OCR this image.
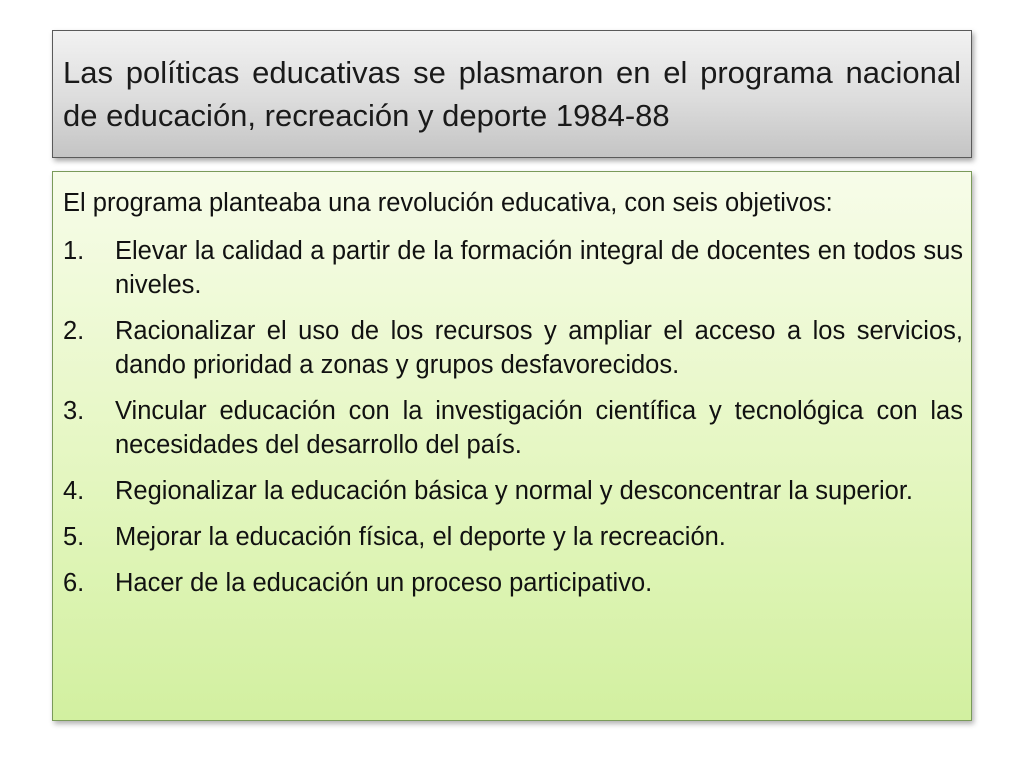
Las políticas educativas se plasmaron en el programa nacional de educación, recreación y deporte 1984-88

El programa planteaba una revolución educativa, con seis objetivos:

1.	Elevar la calidad a partir de la formación integral de docentes en todos sus niveles.
2.	Racionalizar el uso de los recursos y ampliar el acceso a los servicios, dando prioridad a zonas y grupos desfavorecidos.
3.	Vincular educación con la investigación científica y tecnológica con las necesidades del desarrollo del país.
4.	Regionalizar la educación básica y normal y desconcentrar la superior.
5.	Mejorar la educación física, el deporte y la recreación.
6.	Hacer de la educación un proceso participativo.
